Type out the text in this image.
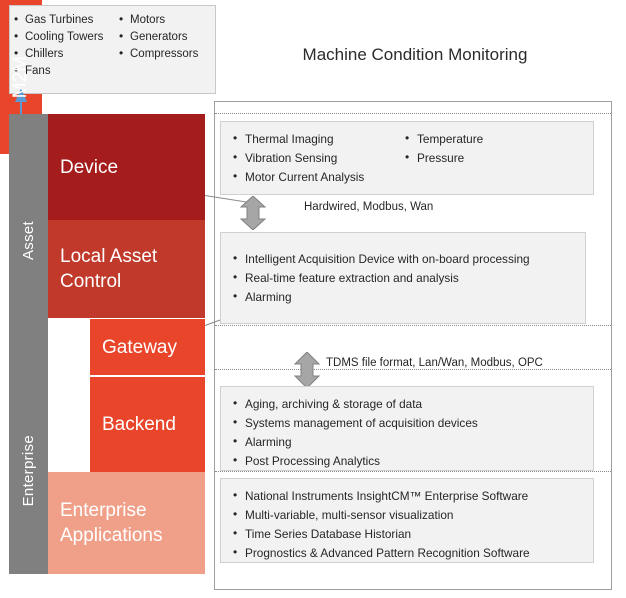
• Gas Turbines
• Cooling Towers
• Chillers
• Fans
• Motors
• Generators
• Compressors	Machine Condition Monitoring
Asset
Enterprise
Device
Local Asset Control
M2M
Gateway
Backend
Enterprise Applications
• Thermal Imaging
• Vibration Sensing
• Motor Current Analysis
• Temperature
• Pressure
Hardwired, Modbus, Wan
• Intelligent Acquisition Device with on-board processing
• Real-time feature extraction and analysis
• Alarming
TDMS file format, Lan/Wan, Modbus, OPC
• Aging, archiving & storage of data
• Systems management of acquisition devices
• Alarming
• Post Processing Analytics
• National Instruments InsightCM™ Enterprise Software
• Multi-variable, multi-sensor visualization
• Time Series Database Historian
• Prognostics & Advanced Pattern Recognition Software
